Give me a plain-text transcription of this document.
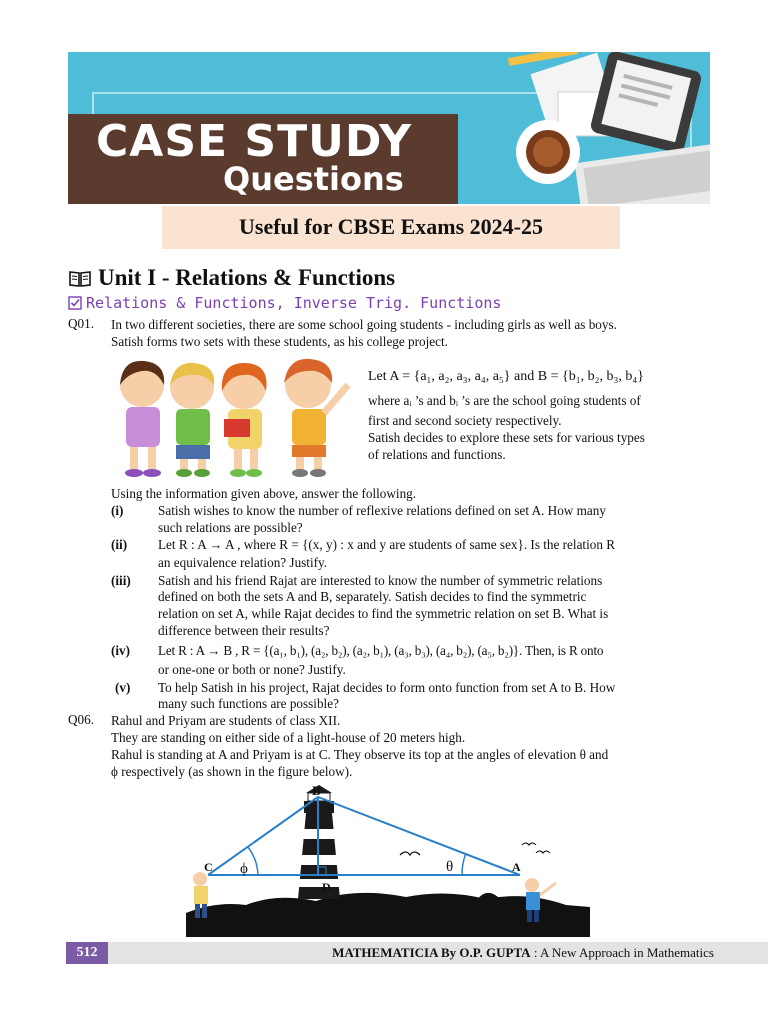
CASE STUDY
Questions
Useful for CBSE Exams 2024-25
Unit I - Relations & Functions
Relations & Functions, Inverse Trig. Functions
Q01. In two different societies, there are some school going students - including girls as well as boys.
Satish forms two sets with these students, as his college project.
Let A = {a₁, a₂, a₃, a₄, a₅} and B = {b₁, b₂, b₃, b₄}
where aᵢ ’s and bᵢ ’s are the school going students of
first and second society respectively.
Satish decides to explore these sets for various types
of relations and functions.
Using the information given above, answer the following.
(i)	Satish wishes to know the number of reflexive relations defined on set A. How many
such relations are possible?
(ii) Let R : A → A , where R = {(x, y) : x and y are students of same sex}. Is the relation R
an equivalence relation? Justify.
(iii) Satish and his friend Rajat are interested to know the number of symmetric relations
defined on both the sets A and B, separately. Satish decides to find the symmetric
relation on set A, while Rajat decides to find the symmetric relation on set B. What is
difference between their results?
(iv) Let R : A → B , R = {(a₁, b₁), (a₂, b₂), (a₂, b₁), (a₃, b₃), (a₄, b₂), (a₅, b₂)}. Then, is R onto
or one-one or both or none? Justify.
(v) To help Satish in his project, Rajat decides to form onto function from set A to B. How
many such functions are possible?
Q06. Rahul and Priyam are students of class XII.
They are standing on either side of a light-house of 20 meters high.
Rahul is standing at A and Priyam is at C. They observe its top at the angles of elevation θ and
ϕ respectively (as shown in the figure below).
B
C	A
D
ϕ	θ
512	MATHEMATICIA By O.P. GUPTA : A New Approach in Mathematics
